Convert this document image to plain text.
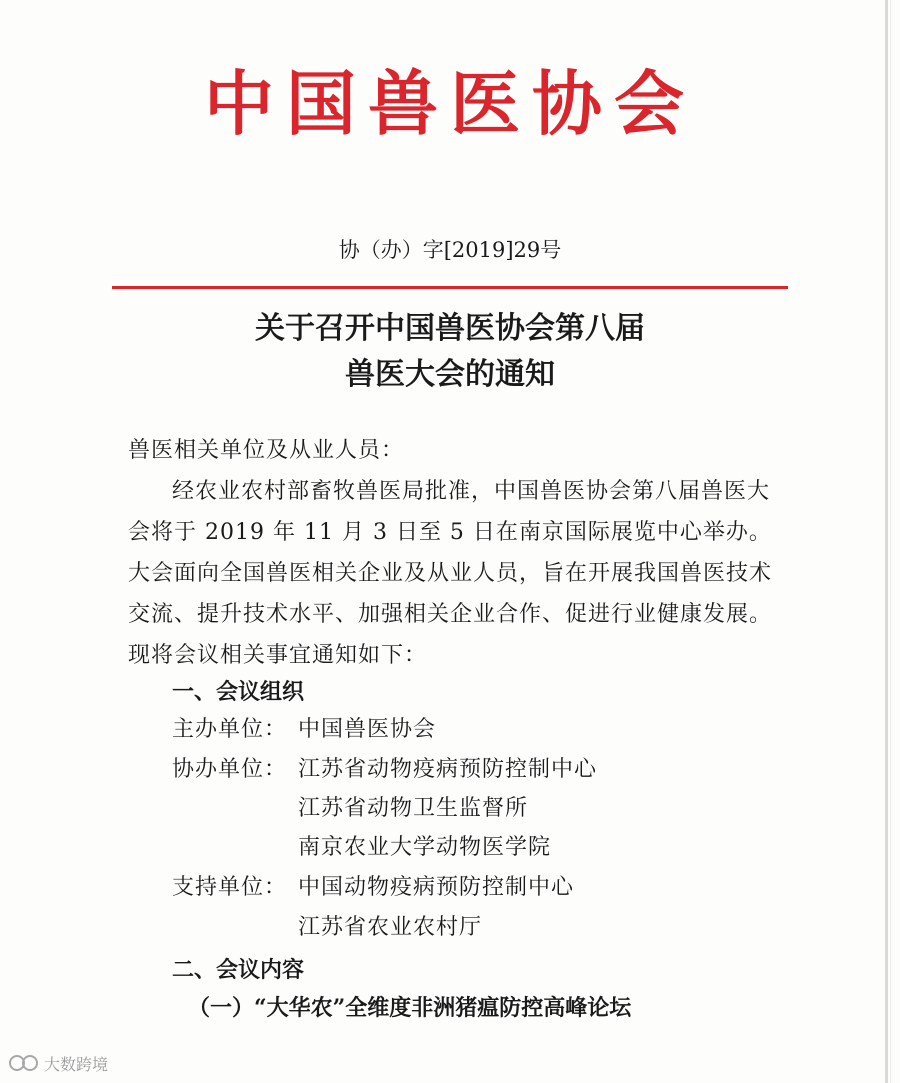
中国兽医协会
协（办）字[2019]29号
关于召开中国兽医协会第八届
兽医大会的通知
兽医相关单位及从业人员：
经农业农村部畜牧兽医局批准，中国兽医协会第八届兽医大会将于 2019 年 11 月 3 日至 5 日在南京国际展览中心举办。大会面向全国兽医相关企业及从业人员，旨在开展我国兽医技术交流、提升技术水平、加强相关企业合作、促进行业健康发展。现将会议相关事宜通知如下：
一、会议组织
主办单位： 中国兽医协会
协办单位： 江苏省动物疫病预防控制中心
江苏省动物卫生监督所
南京农业大学动物医学院
支持单位： 中国动物疫病预防控制中心
江苏省农业农村厅
二、会议内容
（一）“大华农”全维度非洲猪瘟防控高峰论坛
大数跨境
